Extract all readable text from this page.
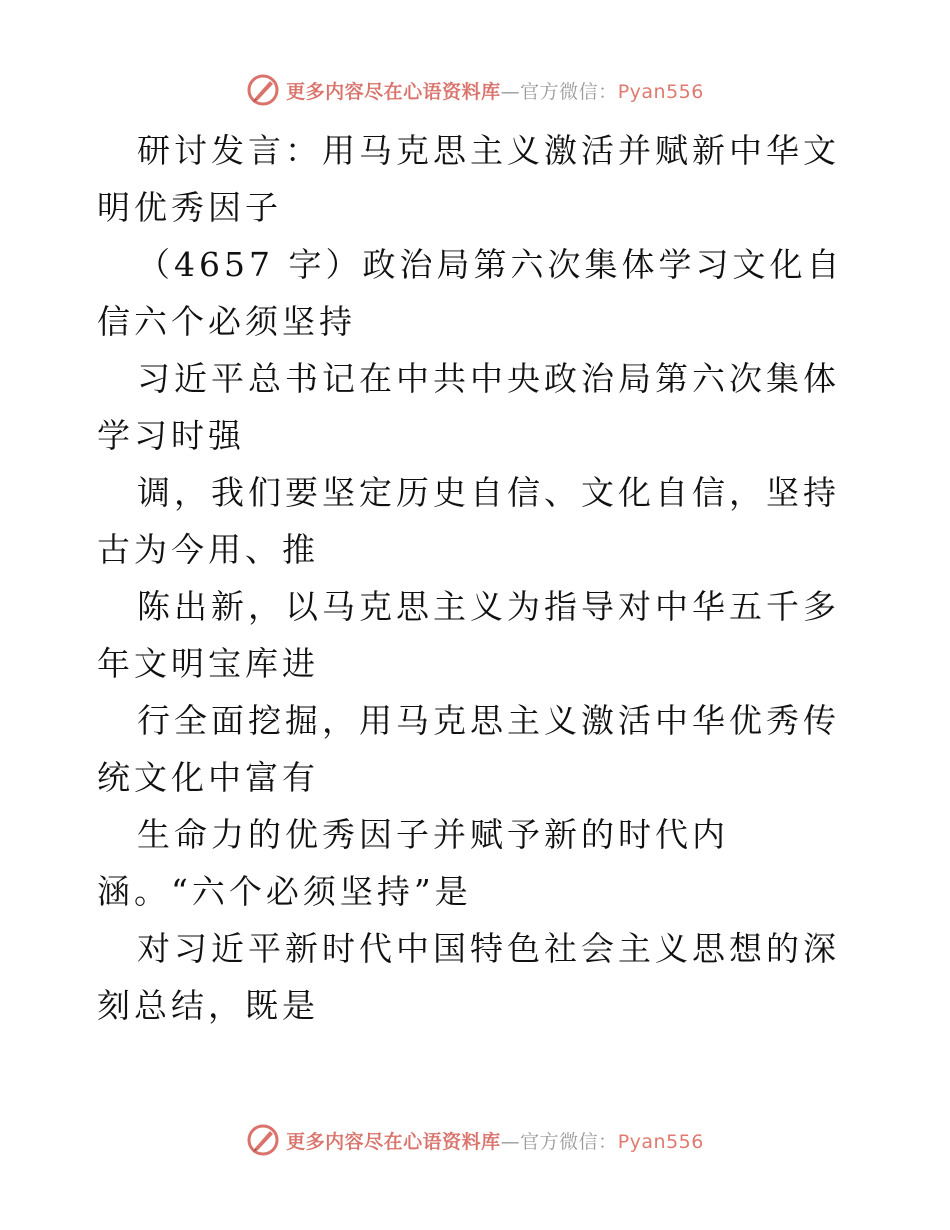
更多内容尽在心语资料库—官方微信：Pyan556

研讨发言：用马克思主义激活并赋新中华文明优秀因子

（4657 字）政治局第六次集体学习文化自信六个必须坚持

习近平总书记在中共中央政治局第六次集体学习时强

调，我们要坚定历史自信、文化自信，坚持古为今用、推

陈出新，以马克思主义为指导对中华五千多年文明宝库进

行全面挖掘，用马克思主义激活中华优秀传统文化中富有

生命力的优秀因子并赋予新的时代内涵。“六个必须坚持”是

对习近平新时代中国特色社会主义思想的深刻总结，既是

更多内容尽在心语资料库—官方微信：Pyan556
